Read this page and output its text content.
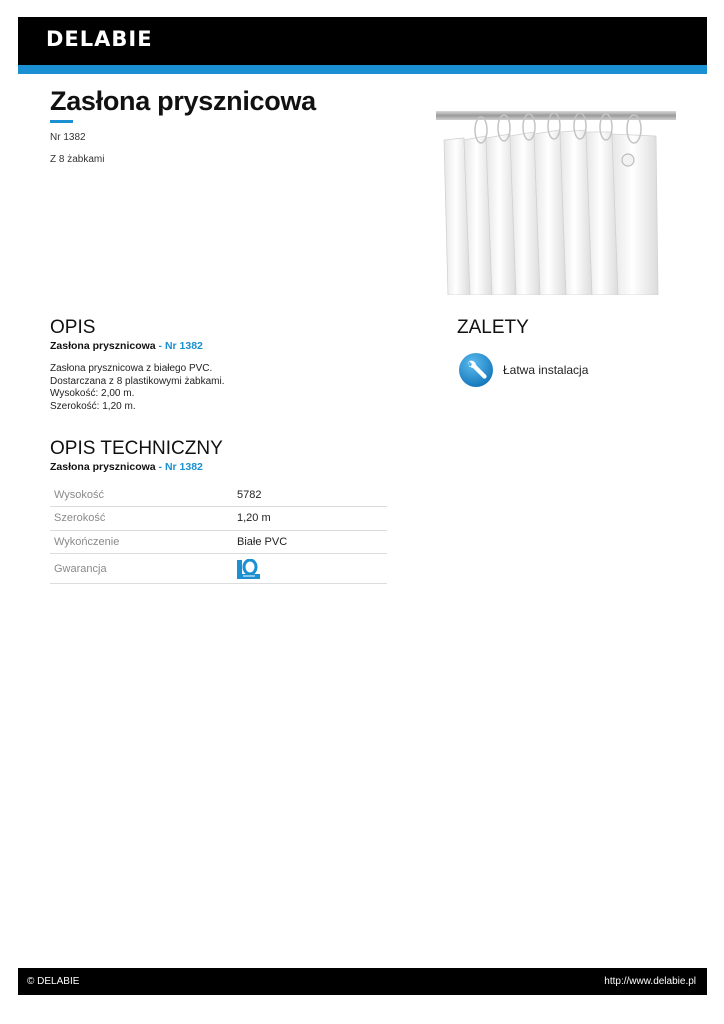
DELABIE
Zasłona prysznicowa
Nr 1382
Z 8 żabkami
OPIS
Zasłona prysznicowa - Nr 1382
Zasłona prysznicowa z białego PVC.
Dostarczana z 8 plastikowymi żabkami.
Wysokość: 2,00 m.
Szerokość: 1,20 m.
ZALETY
Łatwa instalacja
OPIS TECHNICZNY
Zasłona prysznicowa - Nr 1382
Wysokość	5782
Szerokość	1,20 m
Wykończenie	Białe PVC
Gwarancja	
© DELABIE	http://www.delabie.pl
